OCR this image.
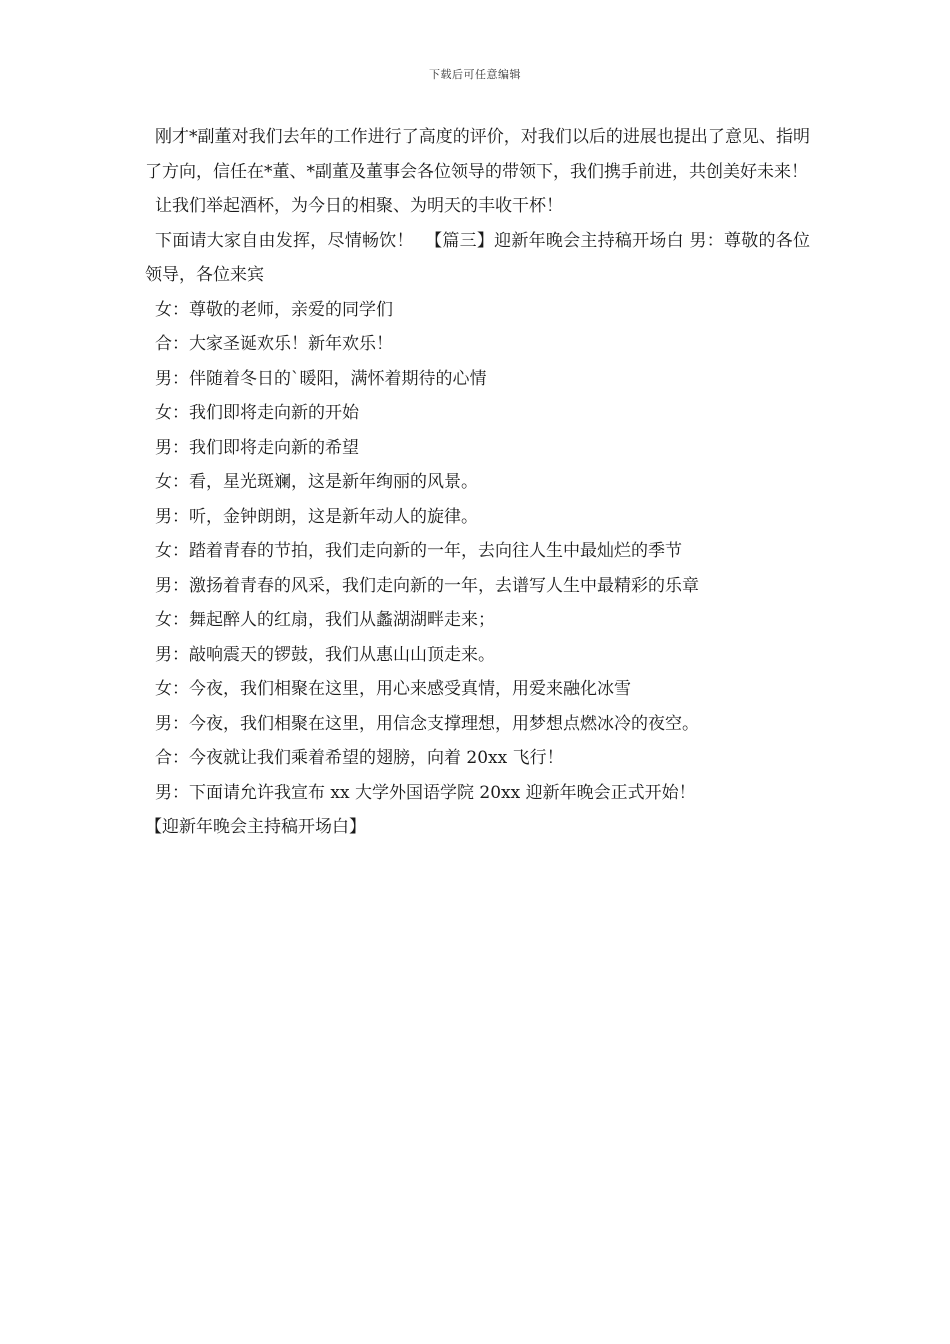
下载后可任意编辑

刚才*副董对我们去年的工作进行了高度的评价，对我们以后的进展也提出了意见、指明了方向，信任在*董、*副董及董事会各位领导的带领下，我们携手前进，共创美好未来！

让我们举起酒杯，为今日的相聚、为明天的丰收干杯！

下面请大家自由发挥，尽情畅饮！  【篇三】迎新年晚会主持稿开场白 男：尊敬的各位领导，各位来宾

女：尊敬的老师，亲爱的同学们

合：大家圣诞欢乐！新年欢乐！

男：伴随着冬日的`暖阳，满怀着期待的心情

女：我们即将走向新的开始

男：我们即将走向新的希望

女：看，星光斑斓，这是新年绚丽的风景。

男：听，金钟朗朗，这是新年动人的旋律。

女：踏着青春的节拍，我们走向新的一年，去向往人生中最灿烂的季节

男：激扬着青春的风采，我们走向新的一年，去谱写人生中最精彩的乐章

女：舞起醉人的红扇，我们从蠡湖湖畔走来；

男：敲响震天的锣鼓，我们从惠山山顶走来。

女：今夜，我们相聚在这里，用心来感受真情，用爱来融化冰雪

男：今夜，我们相聚在这里，用信念支撑理想，用梦想点燃冰冷的夜空。

合：今夜就让我们乘着希望的翅膀，向着 20xx 飞行！

男：下面请允许我宣布 xx 大学外国语学院 20xx 迎新年晚会正式开始！

【迎新年晚会主持稿开场白】
